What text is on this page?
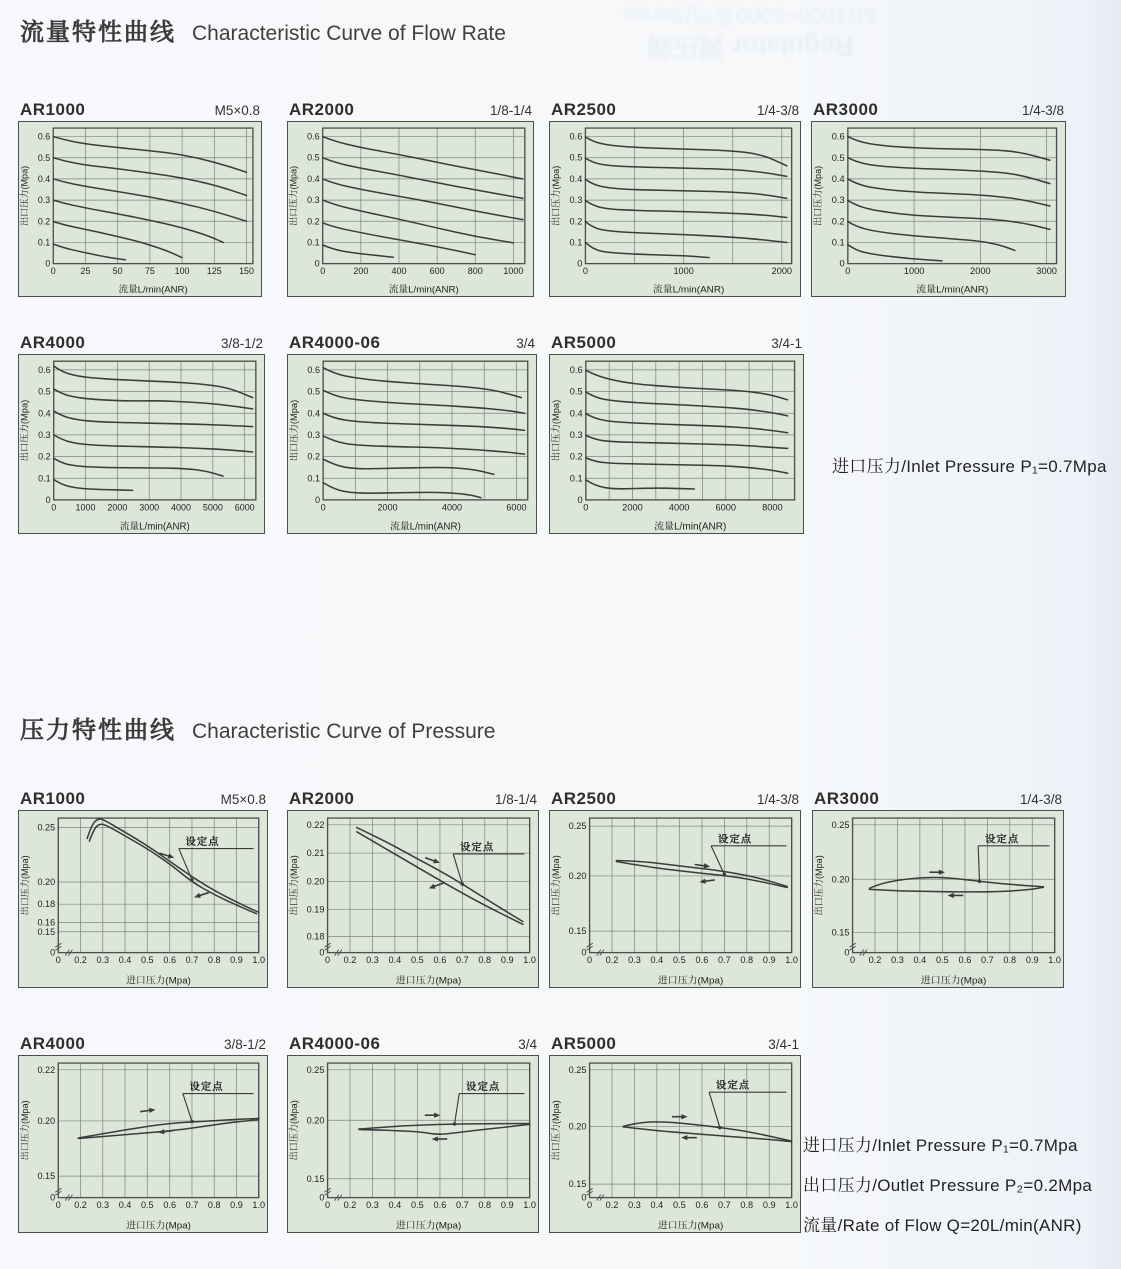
Regulator 调压阀
AR1000~5000系列(Series
流量特性曲线 Characteristic Curve of Flow Rate
压力特性曲线 Characteristic Curve of Pressure
AR1000	M5×0.8
0
0.1
0.2
0.3
0.4
0.5
0.6
0	25	50	75 100 125 150
流量L/min(ANR)
出口压力(Mpa)
AR2000	1/8-1/4
0
0.1
0.2
0.3
0.4
0.5
0.6
0	200	400	600	800 1000
流量L/min(ANR)
出口压力(Mpa)
AR2500	1/4-3/8
0
0.1
0.2
0.3
0.4
0.5
0.6
0	1000	2000
流量L/min(ANR)
出口压力(Mpa)
AR3000	1/4-3/8
0
0.1
0.2
0.3
0.4
0.5
0.6
0	1000	2000	3000
流量L/min(ANR)
出口压力(Mpa)
AR4000	3/8-1/2
0
0.1
0.2
0.3
0.4
0.5
0.6
0 1000 2000 3000 4000 5000 6000
流量L/min(ANR)
出口压力(Mpa)
AR4000-06	3/4
0
0.1
0.2
0.3
0.4
0.5
0.6
0	2000	4000	6000
流量L/min(ANR)
出口压力(Mpa)
AR5000	3/4-1
0
0.1
0.2
0.3
0.4
0.5
0.6
0	2000	4000	6000	8000
流量L/min(ANR)
出口压力(Mpa)
AR1000	M5×0.8
0
0.15
0.16
0.18
0.20
0.25
0 0.2 0.3 0.4 0.5 0.6 0.7 0.8 0.9 1.0
进口压力(Mpa)
出口压力(Mpa)
设定点
AR2000	1/8-1/4
0
0.18
0.19
0.20
0.21
0.22
0 0.2 0.3 0.4 0.5 0.6 0.7 0.8 0.9 1.0
进口压力(Mpa)
出口压力(Mpa)
设定点
AR2500	1/4-3/8
0
0.15
0.20
0.25
0 0.2 0.3 0.4 0.5 0.6 0.7 0.8 0.9 1.0
进口压力(Mpa)
出口压力(Mpa)
设定点
AR3000	1/4-3/8
0
0.15
0.20
0.25
0 0.2 0.3 0.4 0.5 0.6 0.7 0.8 0.9 1.0
进口压力(Mpa)
出口压力(Mpa)
设定点
AR4000	3/8-1/2
0
0.15
0.20
0.22
0 0.2 0.3 0.4 0.5 0.6 0.7 0.8 0.9 1.0
进口压力(Mpa)
出口压力(Mpa)
设定点
AR4000-06	3/4
0
0.15
0.20
0.25
0 0.2 0.3 0.4 0.5 0.6 0.7 0.8 0.9 1.0
进口压力(Mpa)
出口压力(Mpa)
设定点
AR5000	3/4-1
0
0.15
0.20
0.25
0 0.2 0.3 0.4 0.5 0.6 0.7 0.8 0.9 1.0
进口压力(Mpa)
出口压力(Mpa)
设定点
进口压力/Inlet Pressure P₁=0.7Mpa
进口压力/Inlet Pressure P₁=0.7Mpa
出口压力/Outlet Pressure P₂=0.2Mpa
流量/Rate of Flow Q=20L/min(ANR)
